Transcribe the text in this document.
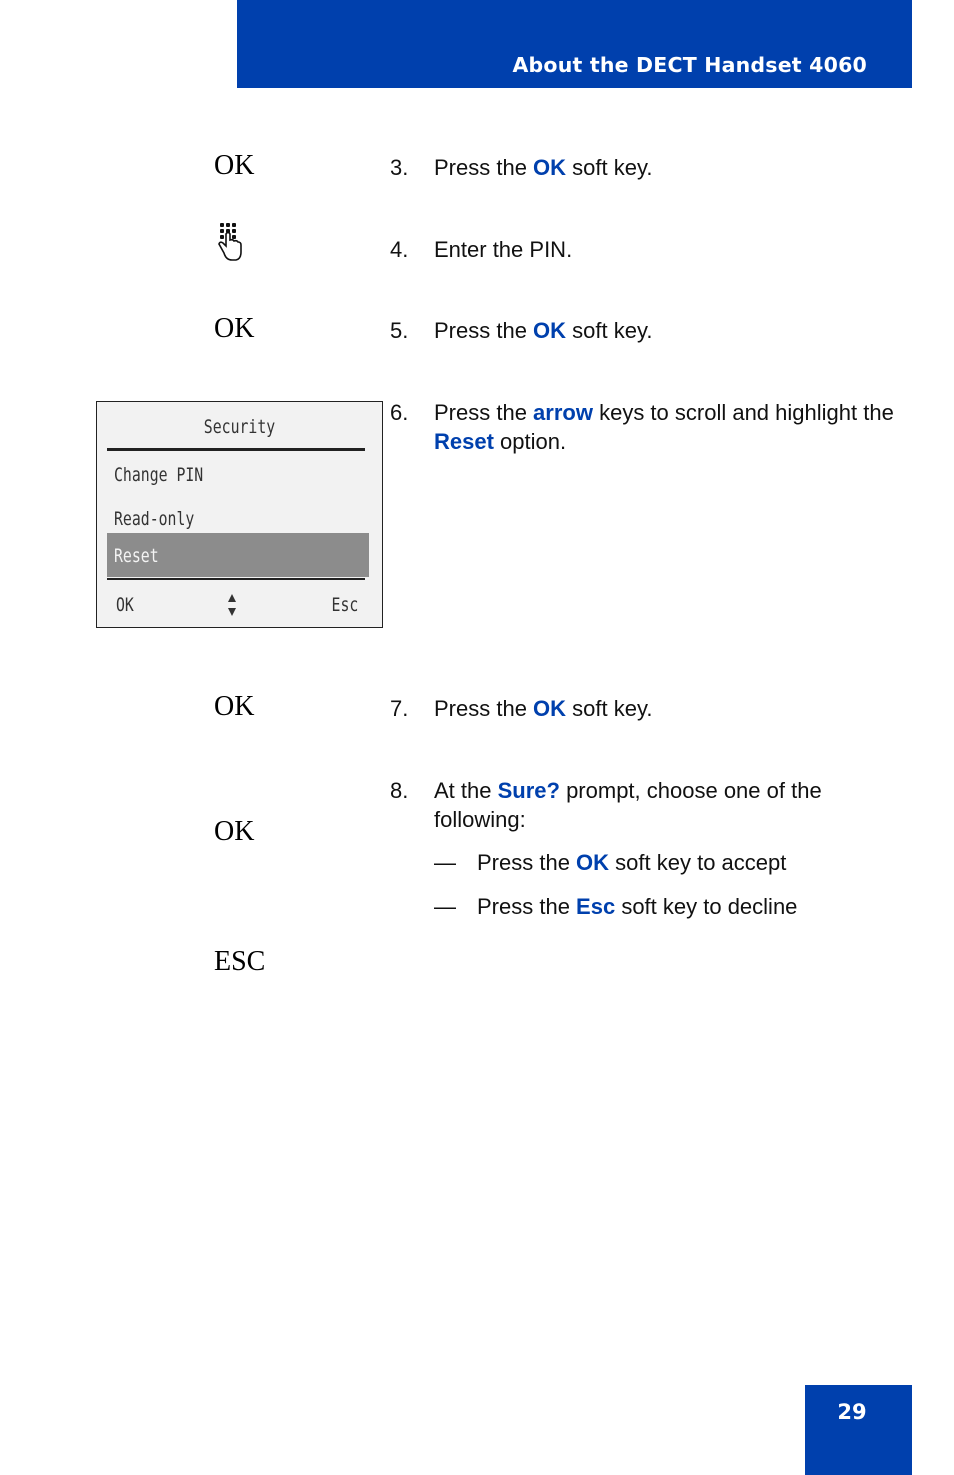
About the DECT Handset 4060
OK
OK
OK
OK
ESC
3. Press the OK soft key.
4. Enter the PIN.
5. Press the OK soft key.
Security
Change PIN
Read-only
Reset
OK	Esc
6. Press the arrow keys to scroll and highlight the Reset option.
7. Press the OK soft key.
8. At the Sure? prompt, choose one of the following:
— Press the OK soft key to accept
— Press the Esc soft key to decline
29
